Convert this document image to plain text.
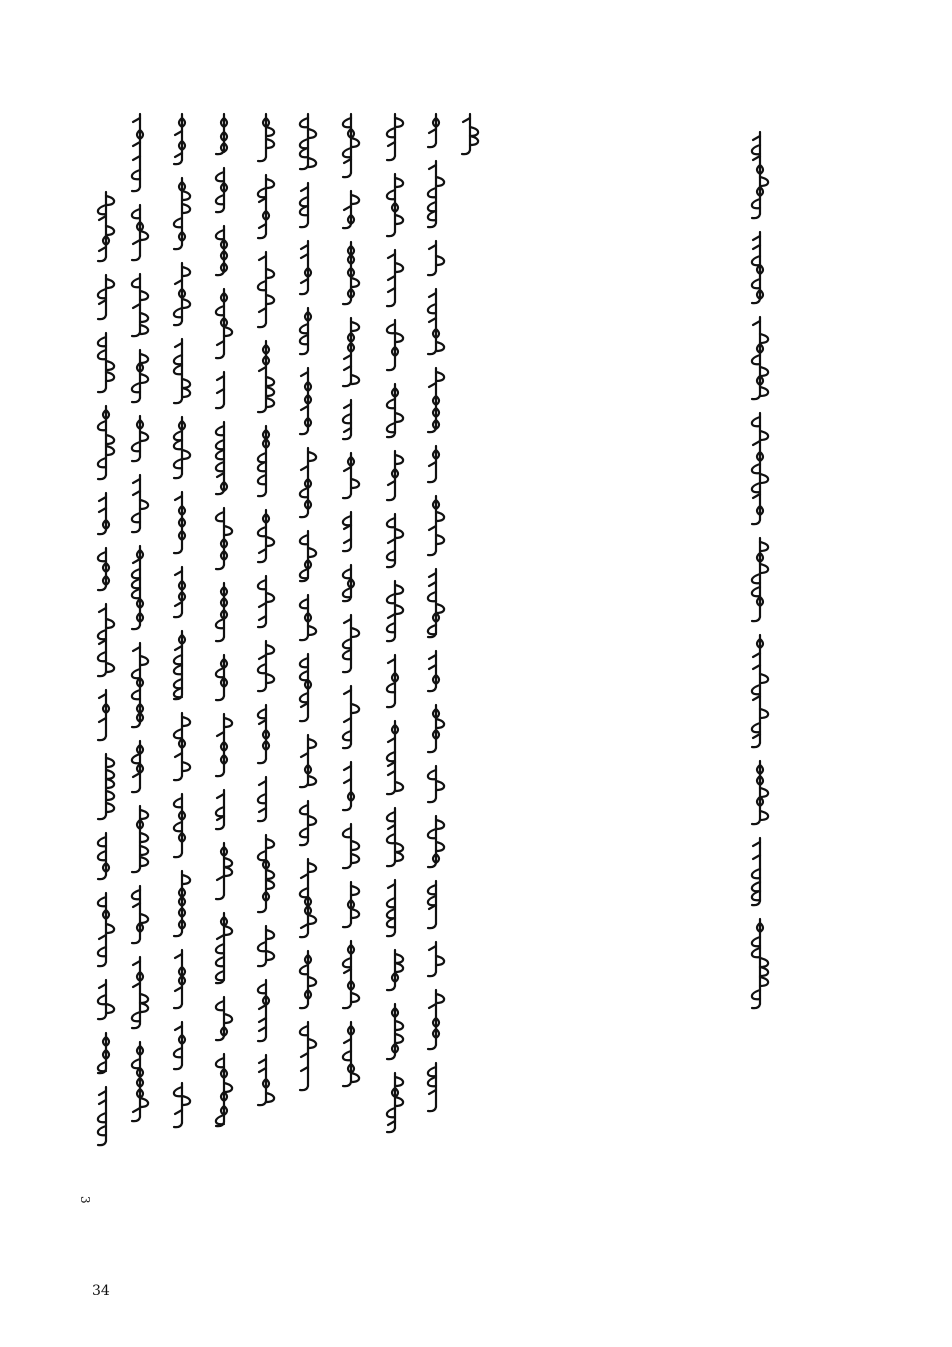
3

34
